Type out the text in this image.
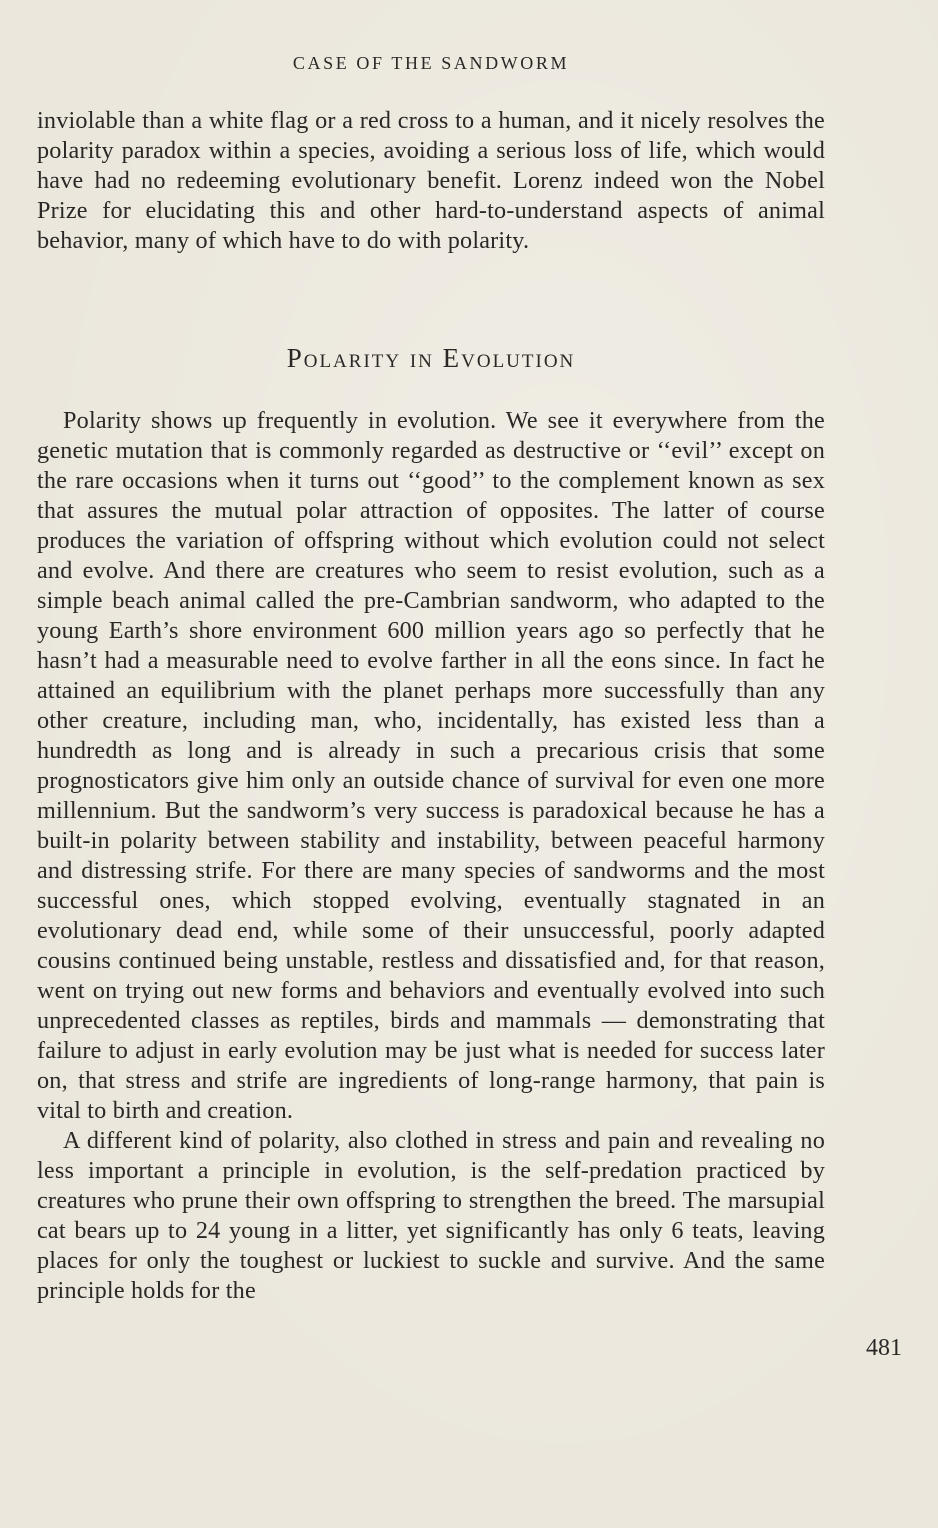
CASE OF THE SANDWORM

inviolable than a white flag or a red cross to a human, and it nicely resolves the polarity paradox within a species, avoiding a serious loss of life, which would have had no redeeming evolutionary benefit. Lorenz indeed won the Nobel Prize for elucidating this and other hard-to-understand aspects of animal behavior, many of which have to do with polarity.

Polarity in Evolution

Polarity shows up frequently in evolution. We see it everywhere from the genetic mutation that is commonly regarded as destructive or ‘‘evil’’ except on the rare occasions when it turns out ‘‘good’’ to the complement known as sex that assures the mutual polar attraction of opposites. The latter of course produces the variation of offspring without which evolution could not select and evolve. And there are creatures who seem to resist evolution, such as a simple beach animal called the pre-Cambrian sandworm, who adapted to the young Earth’s shore environment 600 million years ago so perfectly that he hasn’t had a measurable need to evolve farther in all the eons since. In fact he attained an equilibrium with the planet perhaps more successfully than any other creature, including man, who, incidentally, has existed less than a hundredth as long and is already in such a precarious crisis that some prognosticators give him only an outside chance of survival for even one more millennium. But the sandworm’s very success is paradoxical because he has a built-in polarity between stability and instability, between peaceful harmony and distressing strife. For there are many species of sandworms and the most successful ones, which stopped evolving, eventually stagnated in an evolutionary dead end, while some of their unsuccessful, poorly adapted cousins continued being unstable, restless and dissatisfied and, for that reason, went on trying out new forms and behaviors and eventually evolved into such unprecedented classes as reptiles, birds and mammals — demonstrating that failure to adjust in early evolution may be just what is needed for success later on, that stress and strife are ingredients of long-range harmony, that pain is vital to birth and creation.

A different kind of polarity, also clothed in stress and pain and revealing no less important a principle in evolution, is the self-predation practiced by creatures who prune their own offspring to strengthen the breed. The marsupial cat bears up to 24 young in a litter, yet significantly has only 6 teats, leaving places for only the toughest or luckiest to suckle and survive. And the same principle holds for the

481
